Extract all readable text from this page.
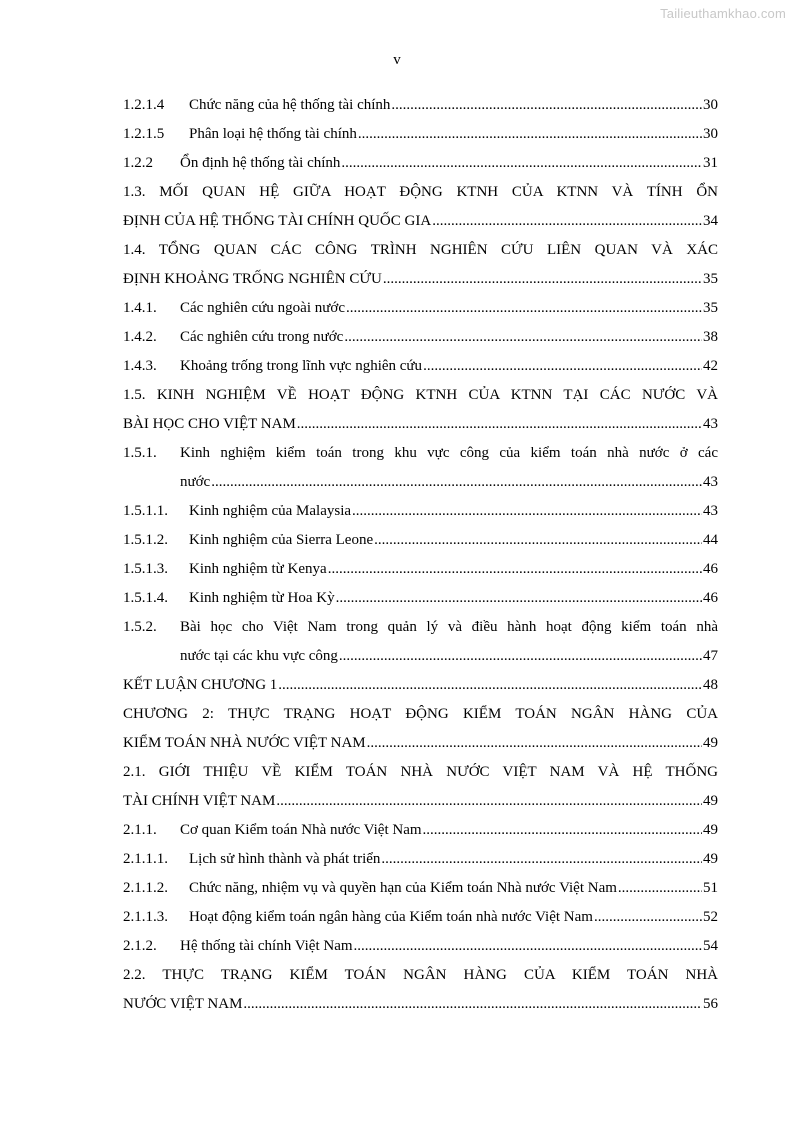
Tailieuthamkhao.com
v
1.2.1.4 Chức năng của hệ thống tài chính .....	30
1.2.1.5 Phân loại hệ thống tài chính .....	30
1.2.2 Ổn định hệ thống tài chính .....	31
1.3. MỐI QUAN HỆ GIỮA HOẠT ĐỘNG KTNH CỦA KTNN VÀ TÍNH ỔN
ĐỊNH CỦA HỆ THỐNG TÀI CHÍNH QUỐC GIA .....	34
1.4. TỔNG QUAN CÁC CÔNG TRÌNH NGHIÊN CỨU LIÊN QUAN VÀ XÁC
ĐỊNH KHOẢNG TRỐNG NGHIÊN CỨU .....	35
1.4.1. Các nghiên cứu ngoài nước .....	35
1.4.2. Các nghiên cứu trong nước .....	38
1.4.3. Khoảng trống trong lĩnh vực nghiên cứu .....	42
1.5. KINH NGHIỆM VỀ HOẠT ĐỘNG KTNH CỦA KTNN TẠI CÁC NƯỚC VÀ
BÀI HỌC CHO VIỆT NAM .....	43
1.5.1. Kinh nghiệm kiểm toán trong khu vực công của kiểm toán nhà nước ở các
nước .....	43
1.5.1.1. Kinh nghiệm của Malaysia .....	43
1.5.1.2. Kinh nghiệm của Sierra Leone .....	44
1.5.1.3. Kinh nghiệm từ Kenya .....	46
1.5.1.4. Kinh nghiệm từ Hoa Kỳ .....	46
1.5.2. Bài học cho Việt Nam trong quản lý và điều hành hoạt động kiểm toán nhà
nước tại các khu vực công .....	47
KẾT LUẬN CHƯƠNG 1 .....	48
CHƯƠNG 2: THỰC TRẠNG HOẠT ĐỘNG KIỂM TOÁN NGÂN HÀNG CỦA
KIỂM TOÁN NHÀ NƯỚC VIỆT NAM .....	49
2.1. GIỚI THIỆU VỀ KIỂM TOÁN NHÀ NƯỚC VIỆT NAM VÀ HỆ THỐNG
TÀI CHÍNH VIỆT NAM .....	49
2.1.1. Cơ quan Kiểm toán Nhà nước Việt Nam .....	49
2.1.1.1. Lịch sử hình thành và phát triển .....	49
2.1.1.2. Chức năng, nhiệm vụ và quyền hạn của Kiểm toán Nhà nước Việt Nam .....	51
2.1.1.3. Hoạt động kiểm toán ngân hàng của Kiểm toán nhà nước Việt Nam .....	52
2.1.2. Hệ thống tài chính Việt Nam .....	54
2.2. THỰC TRẠNG KIỂM TOÁN NGÂN HÀNG CỦA KIỂM TOÁN NHÀ
NƯỚC VIỆT NAM .....	56
